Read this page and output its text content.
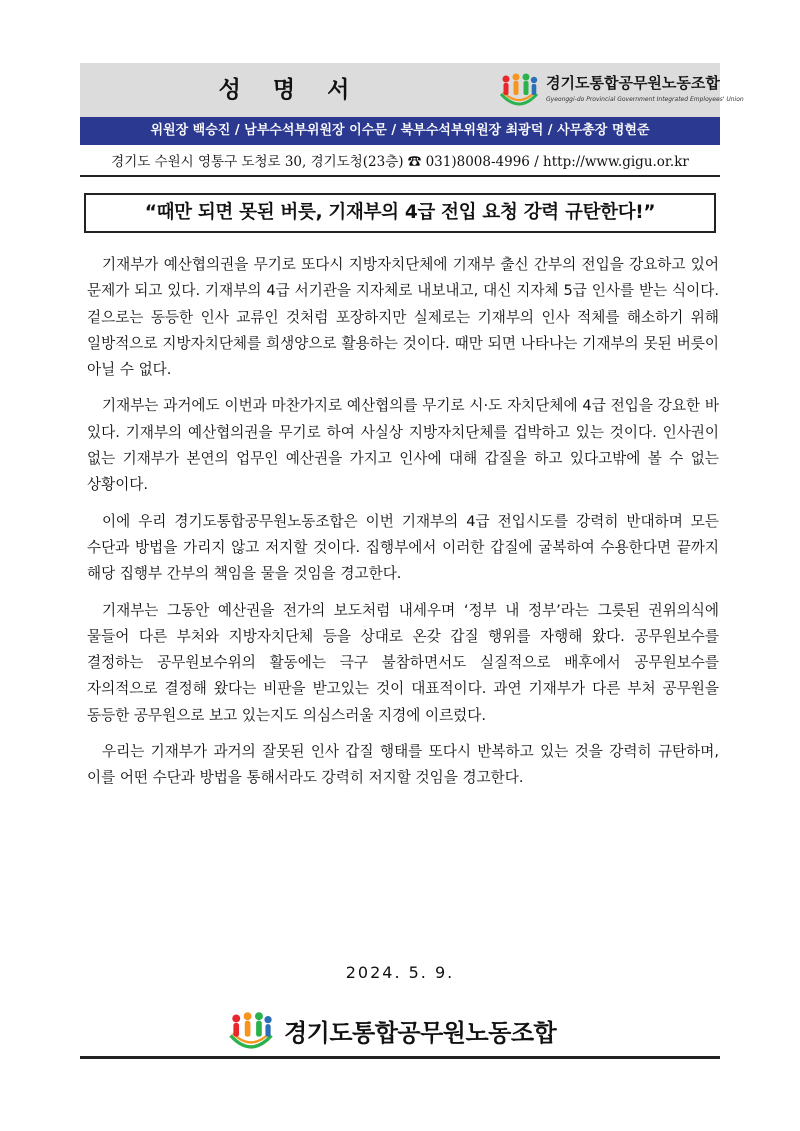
성 명 서	경기도통합공무원노동조합
Gyeonggi-do Provincial Government Integrated Employees' Union
위원장 백승진 / 남부수석부위원장 이수문 / 북부수석부위원장 최광덕 / 사무총장 명현준
경기도 수원시 영통구 도청로 30, 경기도청(23층) ☎ 031)8008-4996 / http://www.gigu.or.kr
“때만 되면 못된 버릇, 기재부의 4급 전입 요청 강력 규탄한다!”

기재부가 예산협의권을 무기로 또다시 지방자치단체에 기재부 출신 간부의 전입을 강요하고 있어 문제가 되고 있다. 기재부의 4급 서기관을 지자체로 내보내고, 대신 지자체 5급 인사를 받는 식이다. 겉으로는 동등한 인사 교류인 것처럼 포장하지만 실제로는 기재부의 인사 적체를 해소하기 위해 일방적으로 지방자치단체를 희생양으로 활용하는 것이다. 때만 되면 나타나는 기재부의 못된 버릇이 아닐 수 없다.

기재부는 과거에도 이번과 마찬가지로 예산협의를 무기로 시·도 자치단체에 4급 전입을 강요한 바 있다. 기재부의 예산협의권을 무기로 하여 사실상 지방자치단체를 겁박하고 있는 것이다. 인사권이 없는 기재부가 본연의 업무인 예산권을 가지고 인사에 대해 갑질을 하고 있다고밖에 볼 수 없는 상황이다.

이에 우리 경기도통합공무원노동조합은 이번 기재부의 4급 전입시도를 강력히 반대하며 모든 수단과 방법을 가리지 않고 저지할 것이다. 집행부에서 이러한 갑질에 굴복하여 수용한다면 끝까지 해당 집행부 간부의 책임을 물을 것임을 경고한다.

기재부는 그동안 예산권을 전가의 보도처럼 내세우며 ‘정부 내 정부’라는 그릇된 권위의식에 물들어 다른 부처와 지방자치단체 등을 상대로 온갖 갑질 행위를 자행해 왔다. 공무원보수를 결정하는 공무원보수위의 활동에는 극구 불참하면서도 실질적으로 배후에서 공무원보수를 자의적으로 결정해 왔다는 비판을 받고있는 것이 대표적이다. 과연 기재부가 다른 부처 공무원을 동등한 공무원으로 보고 있는지도 의심스러울 지경에 이르렀다.

우리는 기재부가 과거의 잘못된 인사 갑질 행태를 또다시 반복하고 있는 것을 강력히 규탄하며, 이를 어떤 수단과 방법을 통해서라도 강력히 저지할 것임을 경고한다.

2024. 5. 9.
경기도통합공무원노동조합
